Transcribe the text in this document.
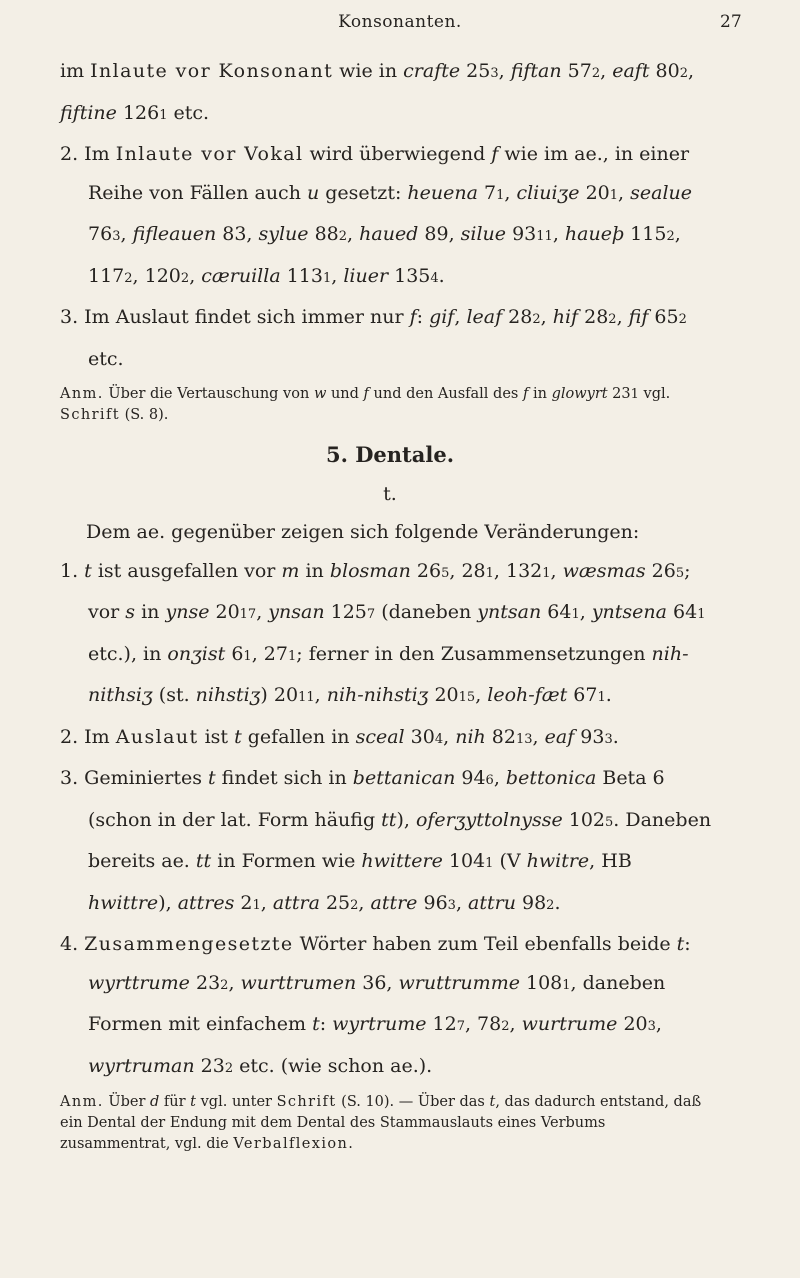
Konsonanten.	27

im Inlaute vor Konsonant wie in crafte 253, fiftan 572, eaft 802, fiftine 1261 etc.

2. Im Inlaute vor Vokal wird überwiegend f wie im ae., in einer Reihe von Fällen auch u gesetzt: heuena 71, cliuiʒe 201, sealue 763, fifleauen 83, sylue 882, haued 89, silue 9311, hauеþ 1152, 1172, 1202, cæruilla 1131, liuer 1354.

3. Im Auslaut findet sich immer nur f: gif, leaf 282, hif 282, fif 652 etc.

Anm. Über die Vertauschung von w und f und den Ausfall des f in glowyrt 231 vgl. Schrift (S. 8).

5. Dentale.

t.

Dem ae. gegenüber zeigen sich folgende Veränderungen:

1. t ist ausgefallen vor m in blosman 265, 281, 1321, wæsmas 265; vor s in ynse 2017, ynsan 1257 (daneben yntsan 641, yntsena 641 etc.), in onʒist 61, 271; ferner in den Zusammensetzungen nih-nithsiʒ (st. nihstiʒ) 2011, nih-nihstiʒ 2015, leoh-fæt 671.

2. Im Auslaut ist t gefallen in sceal 304, nih 8213, eaf 933.

3. Geminiertes t findet sich in bettanican 946, bettonica Beta 6 (schon in der lat. Form häufig tt), oferʒyttolnysse 1025. Daneben bereits ae. tt in Formen wie hwittere 1041 (V hwitre, HB hwittre), attres 21, attra 252, attre 963, attru 982.

4. Zusammengesetzte Wörter haben zum Teil ebenfalls beide t: wyrttrume 232, wurttrumen 36, wruttrumme 1081, daneben Formen mit einfachem t: wyrtrume 127, 782, wurtrume 203, wyrtruman 232 etc. (wie schon ae.).

Anm. Über d für t vgl. unter Schrift (S. 10). — Über das t, das dadurch entstand, daß ein Dental der Endung mit dem Dental des Stammauslauts eines Verbums zusammentrat, vgl. die Verbalflexion.
